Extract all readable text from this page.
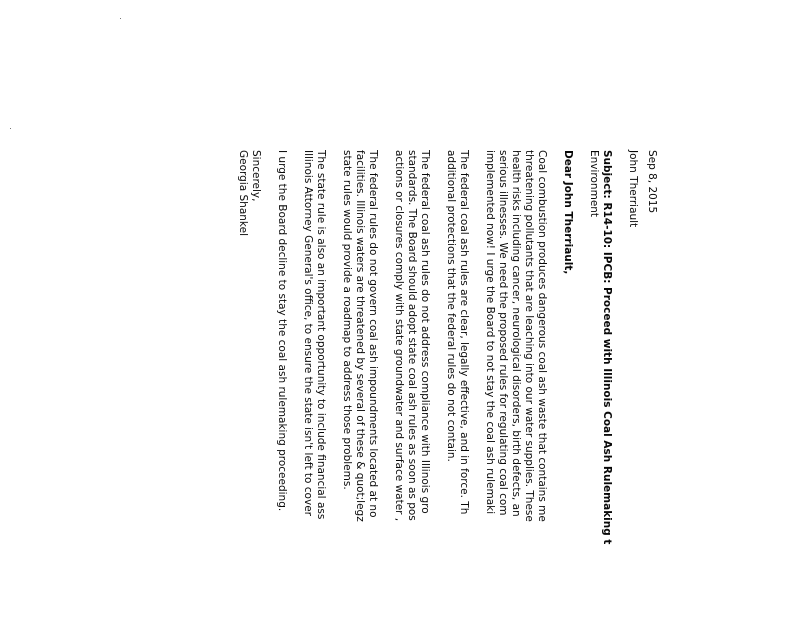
Sep 8, 2015
John Therriault
Subject: R14-10: IPCB: Proceed with Illinois Coal Ash Rulemaking t
Environment
Dear John Therriault,
Coal combustion produces dangerous coal ash waste that contains me
threatening pollutants that are leaching into our water supplies. These
health risks including cancer, neurological disorders, birth defects, an
serious illnesses. We need the proposed rules for regulating coal com
implemented now! I urge the Board to not stay the coal ash rulemaki
The federal coal ash rules are clear, legally effective, and in force. Th
additional protections that the federal rules do not contain.
The federal coal ash rules do not address compliance with Illinois gro
standards. The Board should adopt state coal ash rules as soon as pos
actions or closures comply with state groundwater and surface water ,
The federal rules do not govern coal ash impoundments located at no
facilities. Illinois waters are threatened by several of these & quot;legz
state rules would provide a roadmap to address those problems.
The state rule is also an important opportunity to include financial ass
Illinois Attorney General's office, to ensure the state isn't left to cover
I urge the Board decline to stay the coal ash rulemaking proceeding.
Sincerely,
Georgia Shankel
